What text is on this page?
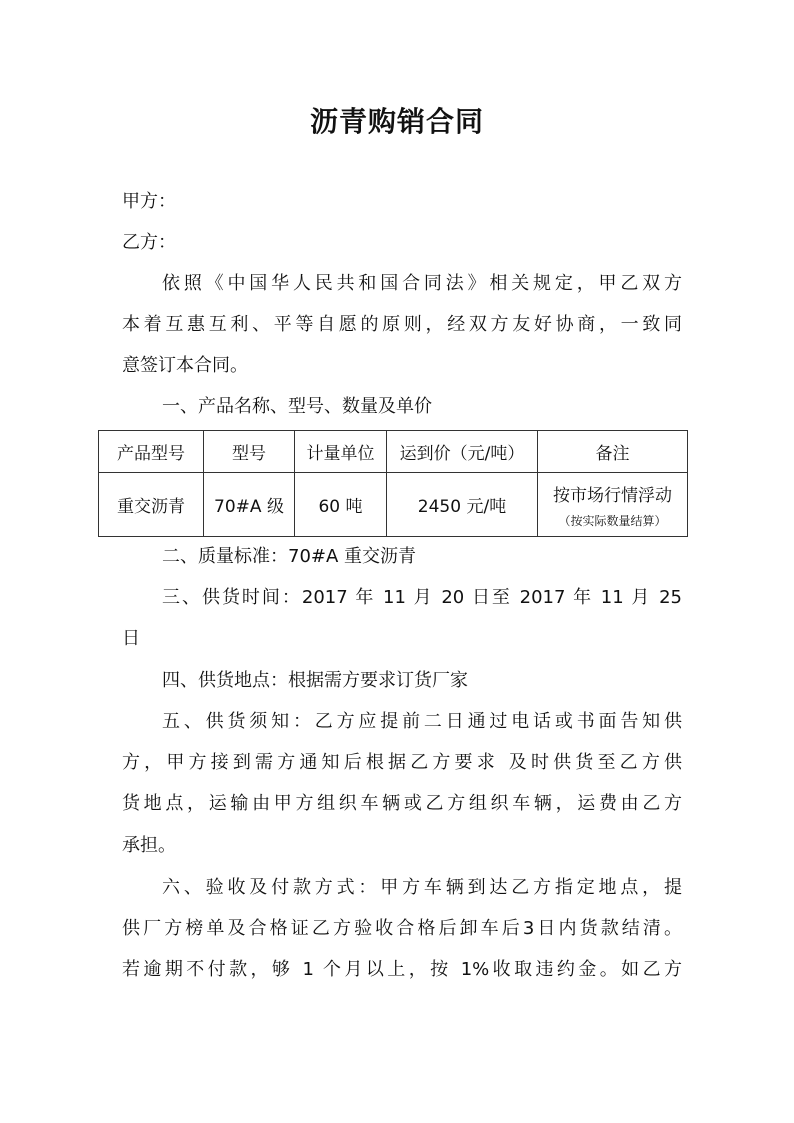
沥青购销合同
甲方：
乙方：
依照《中国华人民共和国合同法》相关规定，甲乙双方
本着互惠互利、平等自愿的原则，经双方友好协商，一致同
意签订本合同。
一、产品名称、型号、数量及单价
产品型号	型号	计量单位	运到价（元/吨）	备注
重交沥青	70#A 级	60 吨	2450 元/吨	按市场行情浮动
（按实际数量结算）
二、质量标准：70#A 重交沥青
三、供货时间：2017 年 11 月 20 日至 2017 年 11 月 25
日
四、供货地点：根据需方要求订货厂家
五、供货须知：乙方应提前二日通过电话或书面告知供
方，甲方接到需方通知后根据乙方要求 及时供货至乙方供
货地点，运输由甲方组织车辆或乙方组织车辆，运费由乙方
承担。
六、验收及付款方式：甲方车辆到达乙方指定地点，提
供厂方榜单及合格证乙方验收合格后卸车后3日内货款结清。
若逾期不付款，够 1 个月以上，按 1%收取违约金。如乙方
